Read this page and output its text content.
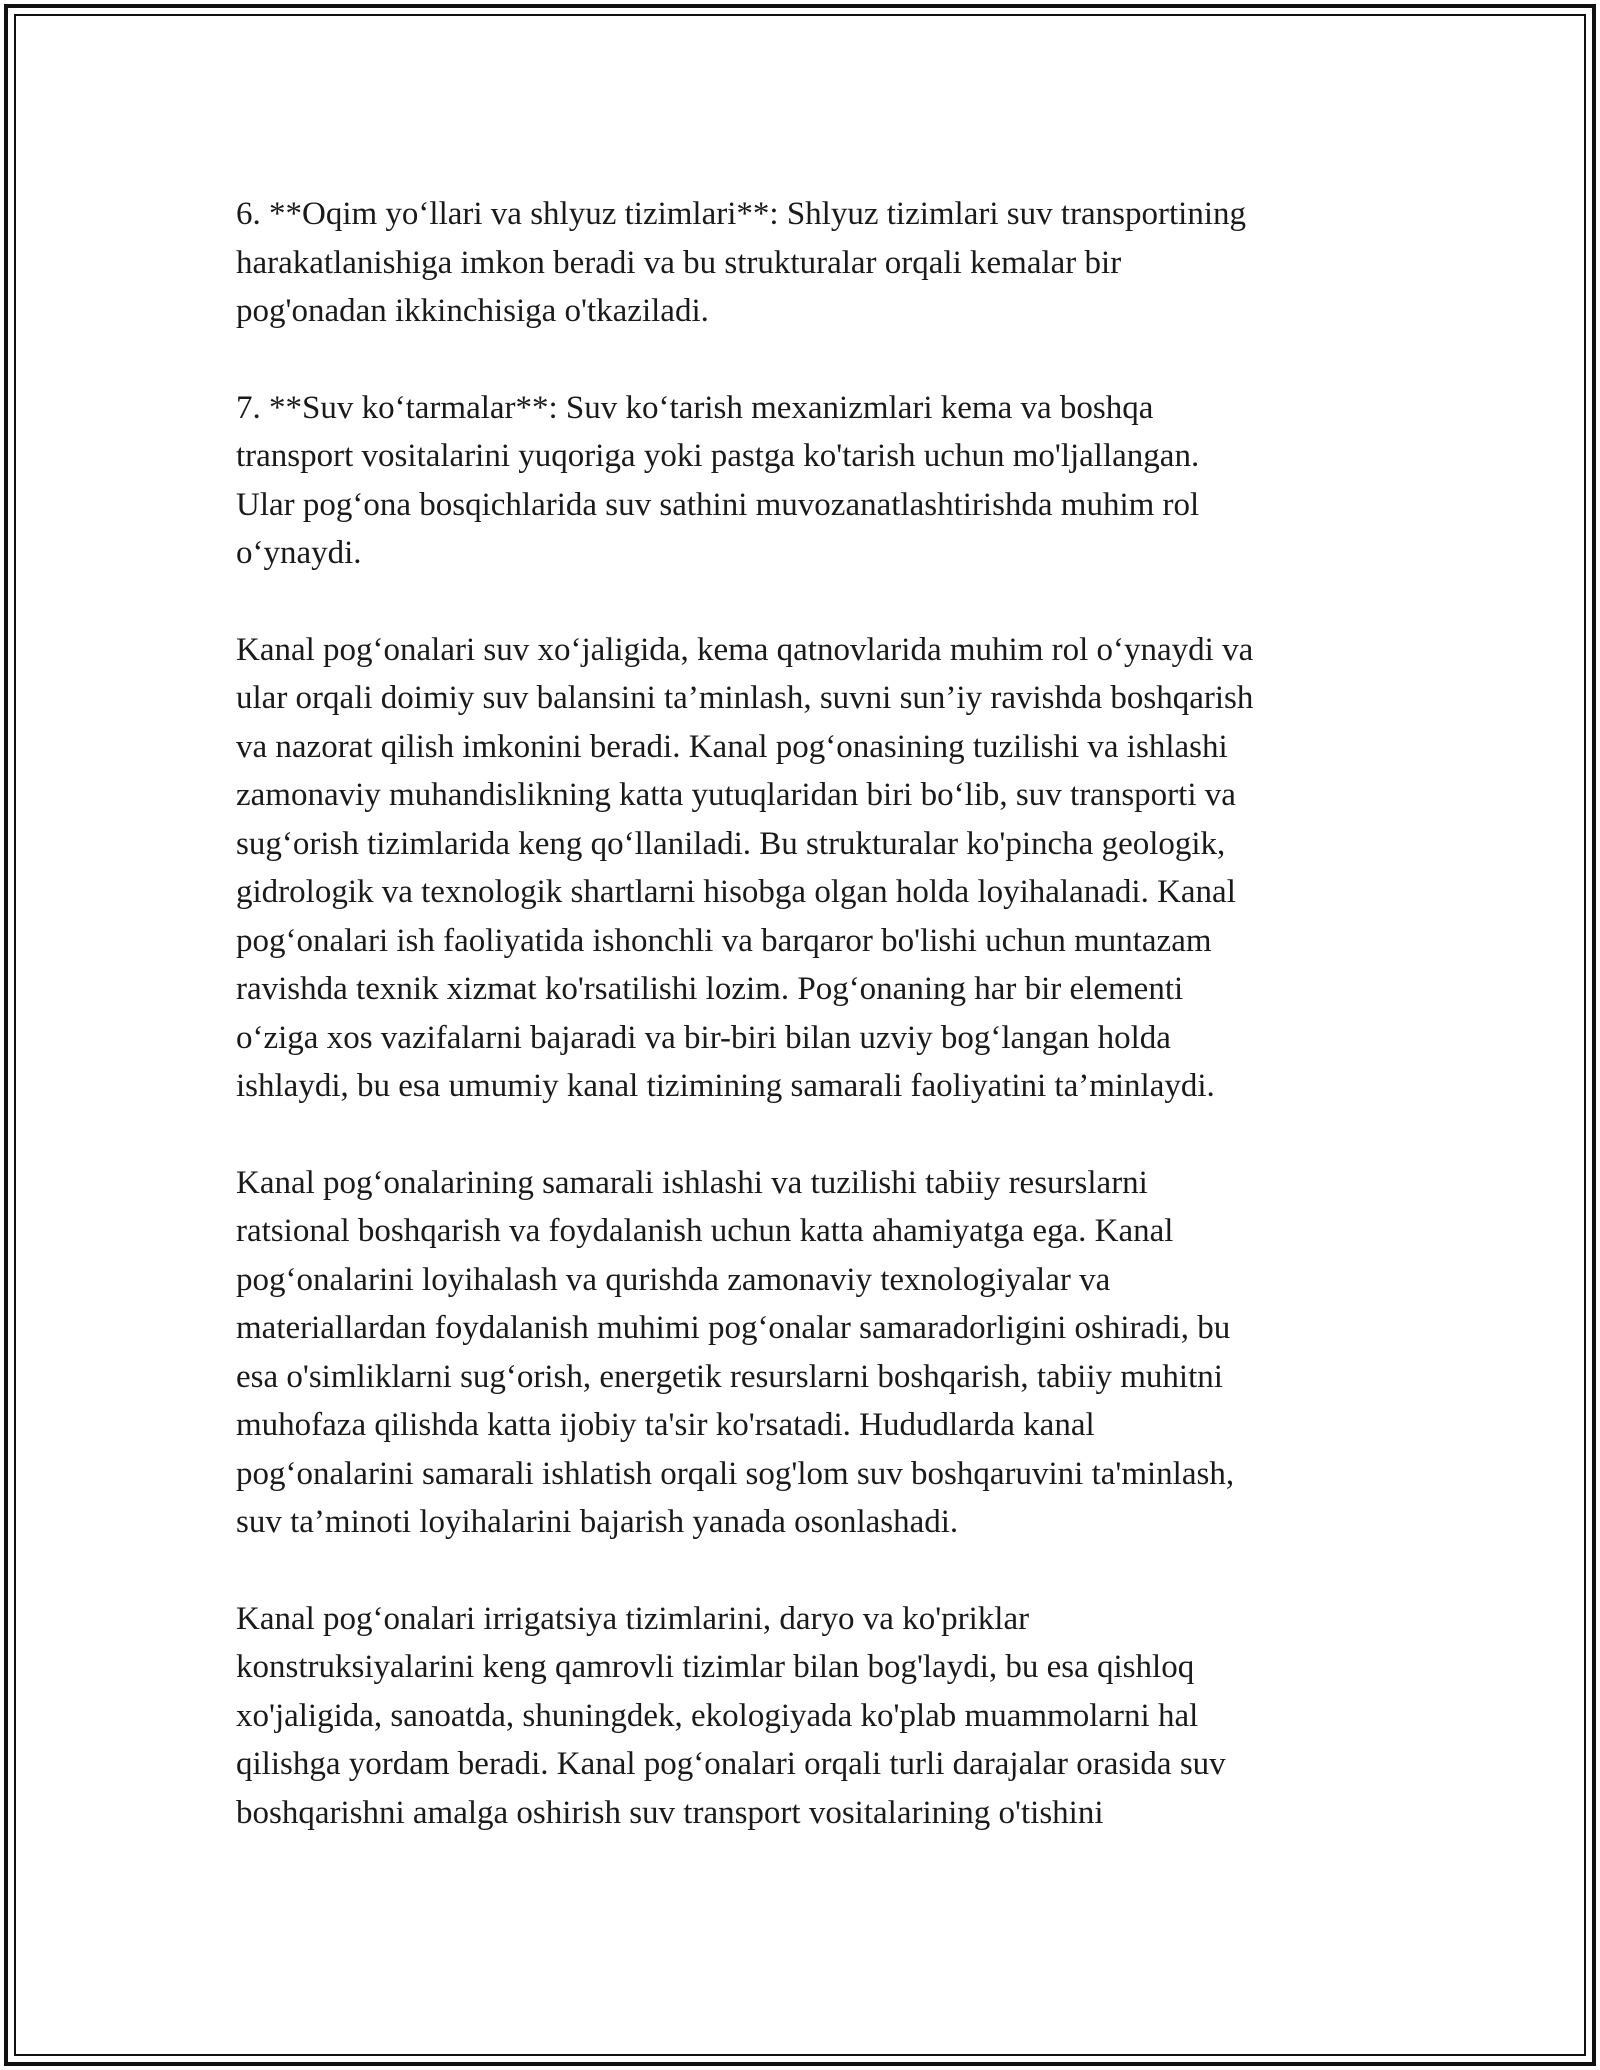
6. **Oqim yo‘llari va shlyuz tizimlari**: Shlyuz tizimlari suv transportining
harakatlanishiga imkon beradi va bu strukturalar orqali kemalar bir
pog'onadan ikkinchisiga o'tkaziladi.

7. **Suv ko‘tarmalar**: Suv ko‘tarish mexanizmlari kema va boshqa
transport vositalarini yuqoriga yoki pastga ko'tarish uchun mo'ljallangan.
Ular pog‘ona bosqichlarida suv sathini muvozanatlashtirishda muhim rol
o‘ynaydi.

Kanal pog‘onalari suv xo‘jaligida, kema qatnovlarida muhim rol o‘ynaydi va
ular orqali doimiy suv balansini ta’minlash, suvni sun’iy ravishda boshqarish
va nazorat qilish imkonini beradi. Kanal pog‘onasining tuzilishi va ishlashi
zamonaviy muhandislikning katta yutuqlaridan biri bo‘lib, suv transporti va
sug‘orish tizimlarida keng qo‘llaniladi. Bu strukturalar ko'pincha geologik,
gidrologik va texnologik shartlarni hisobga olgan holda loyihalanadi. Kanal
pog‘onalari ish faoliyatida ishonchli va barqaror bo'lishi uchun muntazam
ravishda texnik xizmat ko'rsatilishi lozim. Pog‘onaning har bir elementi
o‘ziga xos vazifalarni bajaradi va bir-biri bilan uzviy bog‘langan holda
ishlaydi, bu esa umumiy kanal tizimining samarali faoliyatini ta’minlaydi.

Kanal pog‘onalarining samarali ishlashi va tuzilishi tabiiy resurslarni
ratsional boshqarish va foydalanish uchun katta ahamiyatga ega. Kanal
pog‘onalarini loyihalash va qurishda zamonaviy texnologiyalar va
materiallardan foydalanish muhimi pog‘onalar samaradorligini oshiradi, bu
esa o'simliklarni sug‘orish, energetik resurslarni boshqarish, tabiiy muhitni
muhofaza qilishda katta ijobiy ta'sir ko'rsatadi. Hududlarda kanal
pog‘onalarini samarali ishlatish orqali sog'lom suv boshqaruvini ta'minlash,
suv ta’minoti loyihalarini bajarish yanada osonlashadi.

Kanal pog‘onalari irrigatsiya tizimlarini, daryo va ko'priklar
konstruksiyalarini keng qamrovli tizimlar bilan bog'laydi, bu esa qishloq
xo'jaligida, sanoatda, shuningdek, ekologiyada ko'plab muammolarni hal
qilishga yordam beradi. Kanal pog‘onalari orqali turli darajalar orasida suv
boshqarishni amalga oshirish suv transport vositalarining o'tishini
